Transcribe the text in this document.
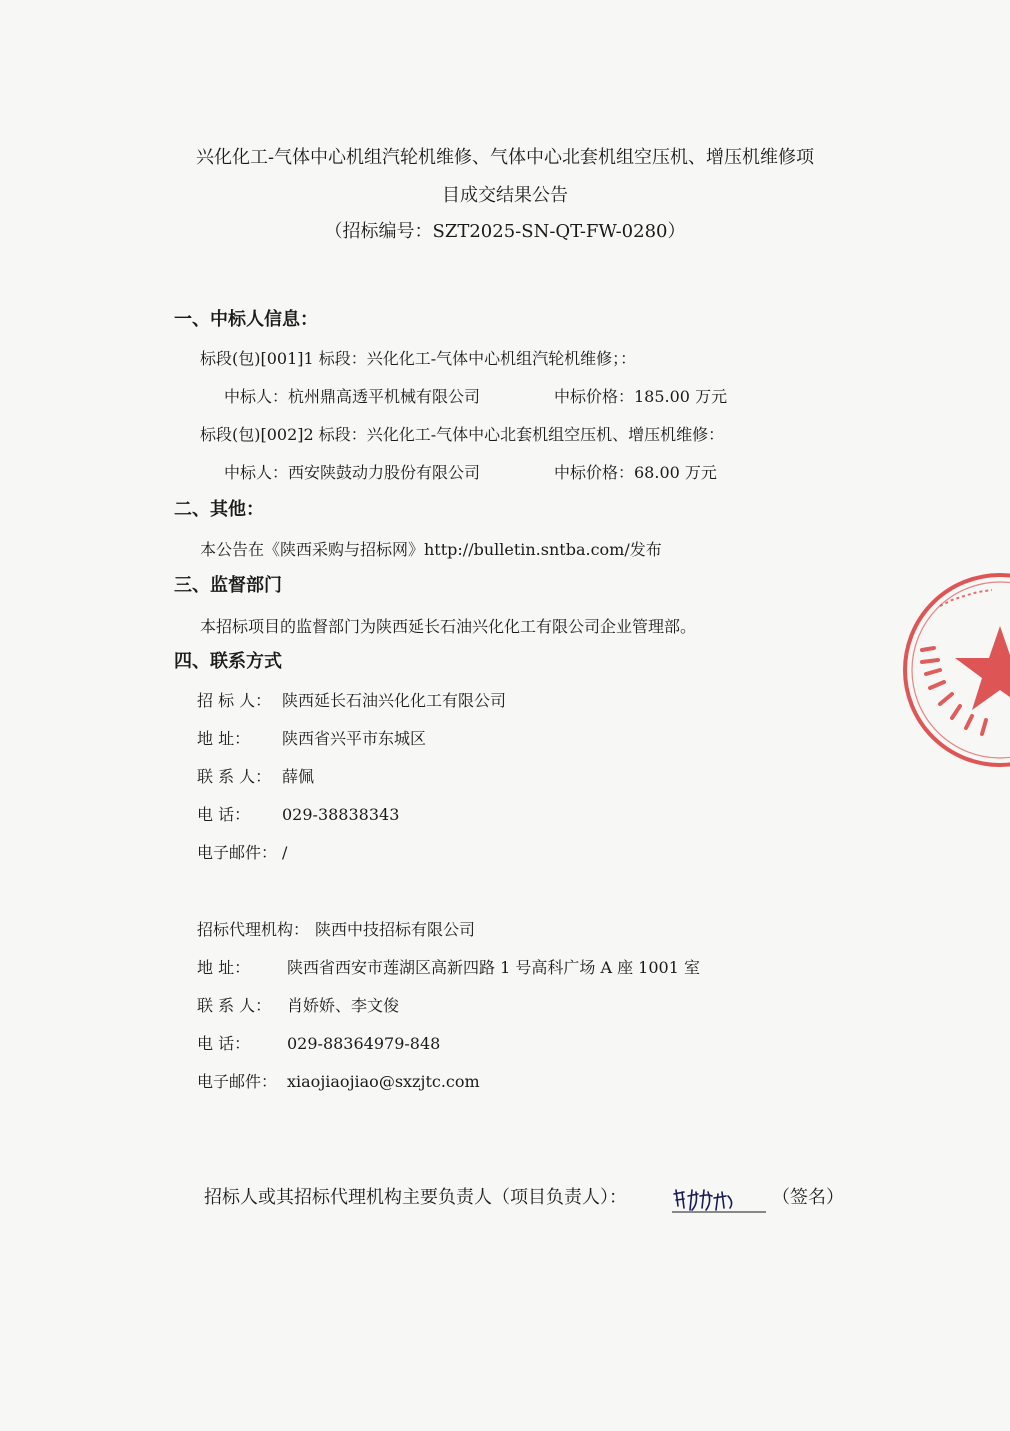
兴化化工-气体中心机组汽轮机维修、气体中心北套机组空压机、增压机维修项
目成交结果公告
（招标编号：SZT2025-SN-QT-FW-0280）
一、中标人信息：
标段(包)[001]1 标段：兴化化工-气体中心机组汽轮机维修；：
中标人：杭州鼎高透平机械有限公司	中标价格：185.00 万元
标段(包)[002]2 标段：兴化化工-气体中心北套机组空压机、增压机维修：
中标人：西安陕鼓动力股份有限公司	中标价格：68.00 万元
二、其他：
本公告在《陕西采购与招标网》http://bulletin.sntba.com/发布
三、监督部门
本招标项目的监督部门为陕西延长石油兴化化工有限公司企业管理部。
四、联系方式
招 标 人： 陕西延长石油兴化化工有限公司
地 址： 陕西省兴平市东城区
联 系 人： 薛佩
电 话： 029-38838343
电子邮件： /
招标代理机构： 陕西中技招标有限公司
地 址： 陕西省西安市莲湖区高新四路 1 号高科广场 A 座 1001 室
联 系 人： 肖娇娇、李文俊
电 话： 029-88364979-848
电子邮件： xiaojiaojiao@sxzjtc.com
招标人或其招标代理机构主要负责人（项目负责人）：	（签名）
